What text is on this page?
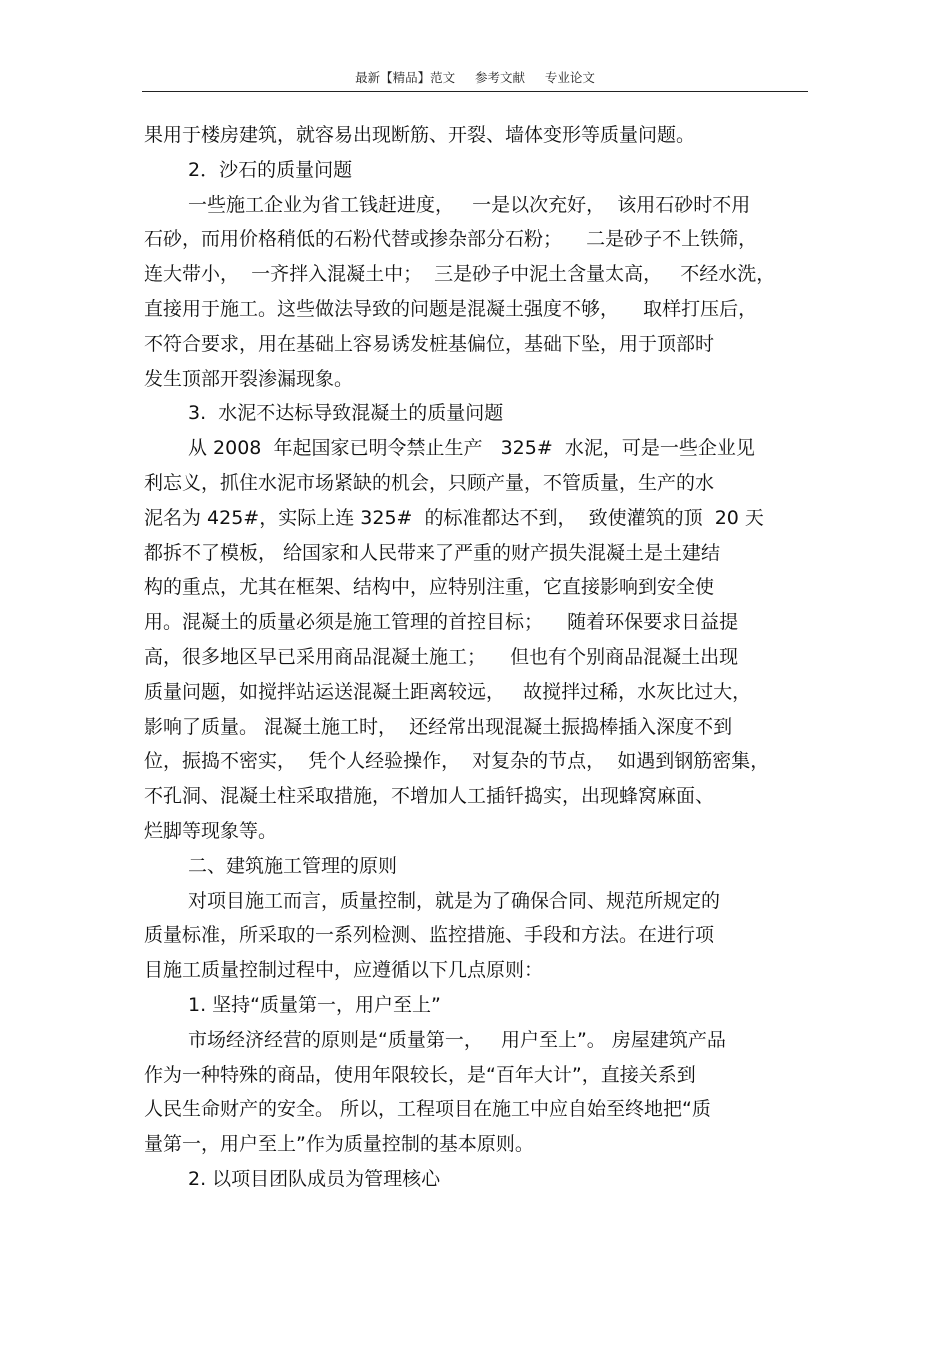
最新【精品】范文     参考文献     专业论文
果用于楼房建筑，就容易出现断筋、开裂、墙体变形等质量问题。
2．沙石的质量问题
一些施工企业为省工钱赶进度，   一是以次充好，  该用石砂时不用
石砂，而用价格稍低的石粉代替或掺杂部分石粉；    二是砂子不上铁筛，
连大带小，  一齐拌入混凝土中；  三是砂子中泥土含量太高，   不经水洗，
直接用于施工。这些做法导致的问题是混凝土强度不够，    取样打压后，
不符合要求，用在基础上容易诱发桩基偏位，基础下坠，用于顶部时
发生顶部开裂渗漏现象。
3.  水泥不达标导致混凝土的质量问题
从 2008  年起国家已明令禁止生产   325#  水泥，可是一些企业见
利忘义，抓住水泥市场紧缺的机会，只顾产量，不管质量，生产的水
泥名为 425#，实际上连 325#  的标准都达不到，  致使灌筑的顶  20 天
都拆不了模板， 给国家和人民带来了严重的财产损失混凝土是土建结
构的重点，尤其在框架、结构中，应特别注重，它直接影响到安全使
用。混凝土的质量必须是施工管理的首控目标；    随着环保要求日益提
高，很多地区早已采用商品混凝土施工；    但也有个别商品混凝土出现
质量问题，如搅拌站运送混凝土距离较远，   故搅拌过稀，水灰比过大，
影响了质量。 混凝土施工时，  还经常出现混凝土振捣棒插入深度不到
位，振捣不密实，  凭个人经验操作，  对复杂的节点，  如遇到钢筋密集，
不孔洞、混凝土柱采取措施，不增加人工插钎捣实，出现蜂窝麻面、
烂脚等现象等。
二、建筑施工管理的原则
对项目施工而言，质量控制，就是为了确保合同、规范所规定的
质量标准，所采取的一系列检测、监控措施、手段和方法。在进行项
目施工质量控制过程中，应遵循以下几点原则：
1. 坚持“质量第一，用户至上”
市场经济经营的原则是“质量第一，   用户至上”。 房屋建筑产品
作为一种特殊的商品，使用年限较长，是“百年大计”，直接关系到
人民生命财产的安全。 所以，工程项目在施工中应自始至终地把“质
量第一，用户至上”作为质量控制的基本原则。
2. 以项目团队成员为管理核心
